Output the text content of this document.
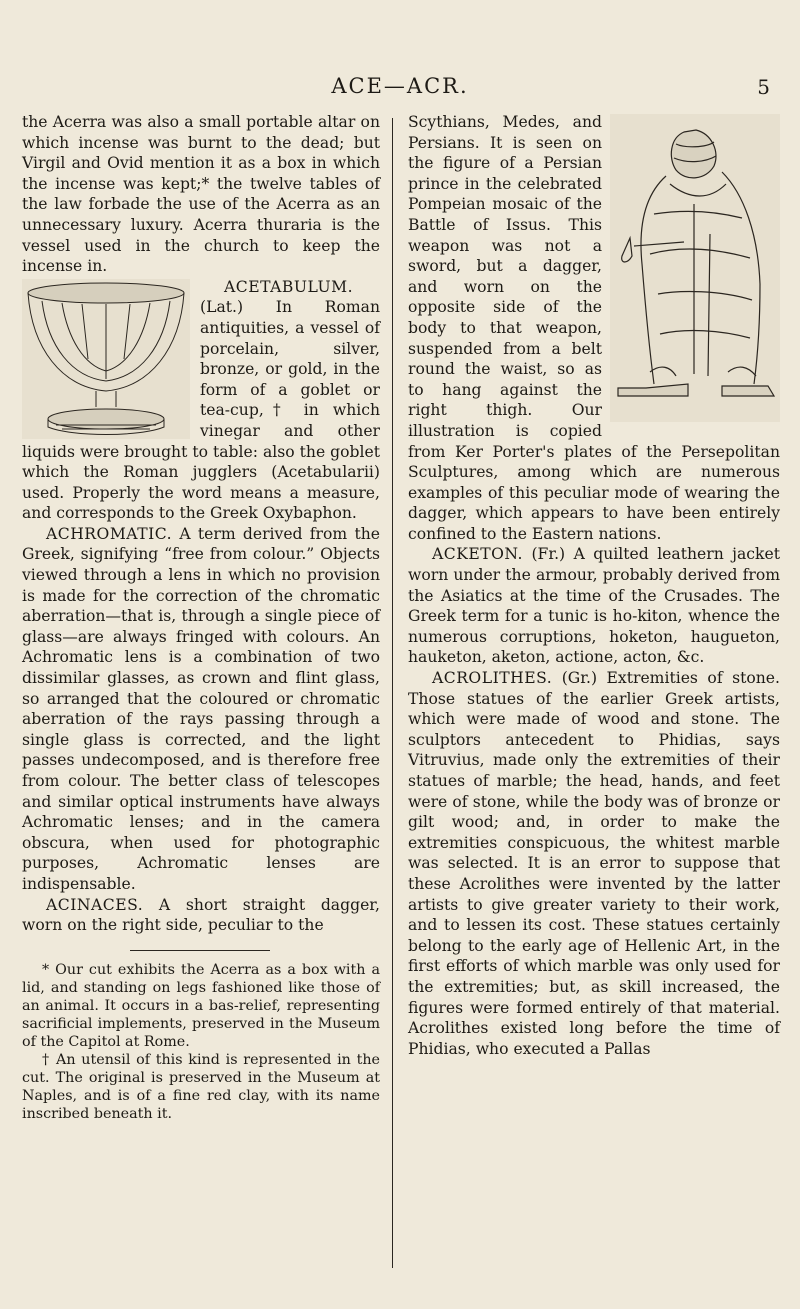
ACE—ACR.	5

the Acerra was also a small portable altar on which incense was burnt to the dead; but Virgil and Ovid mention it as a box in which the incense was kept;* the twelve tables of the law forbade the use of the Acerra as an unnecessary luxury. Acerra thuraria is the vessel used in the church to keep the incense in.

ACETABULUM. (Lat.) In Roman antiquities, a vessel of porcelain, silver, bronze, or gold, in the form of a goblet or tea-cup,† in which vinegar and other liquids were brought to table: also the goblet which the Roman jugglers (Acetabularii) used. Properly the word means a measure, and corresponds to the Greek Oxybaphon.

ACHROMATIC. A term derived from the Greek, signifying “free from colour.” Objects viewed through a lens in which no provision is made for the correction of the chromatic aberration—that is, through a single piece of glass—are always fringed with colours. An Achromatic lens is a combination of two dissimilar glasses, as crown and flint glass, so arranged that the coloured or chromatic aberration of the rays passing through a single glass is corrected, and the light passes undecomposed, and is therefore free from colour. The better class of telescopes and similar optical instruments have always Achromatic lenses; and in the camera obscura, when used for photographic purposes, Achromatic lenses are indispensable.

ACINACES. A short straight dagger, worn on the right side, peculiar to the

* Our cut exhibits the Acerra as a box with a lid, and standing on legs fashioned like those of an animal. It occurs in a bas-relief, representing sacrificial implements, preserved in the Museum of the Capitol at Rome.

† An utensil of this kind is represented in the cut. The original is preserved in the Museum at Naples, and is of a fine red clay, with its name inscribed beneath it.

Scythians, Medes, and Persians. It is seen on the figure of a Persian prince in the celebrated Pompeian mosaic of the Battle of Issus. This weapon was not a sword, but a dagger, and worn on the opposite side of the body to that weapon, suspended from a belt round the waist, so as to hang against the right thigh. Our illustration is copied from Ker Porter's plates of the Persepolitan Sculptures, among which are numerous examples of this peculiar mode of wearing the dagger, which appears to have been entirely confined to the Eastern nations.

ACKETON. (Fr.) A quilted leathern jacket worn under the armour, probably derived from the Asiatics at the time of the Crusades. The Greek term for a tunic is ho-kiton, whence the numerous corruptions, hoketon, haugueton, hauketon, aketon, actione, acton, &c.

ACROLITHES. (Gr.) Extremities of stone. Those statues of the earlier Greek artists, which were made of wood and stone. The sculptors antecedent to Phidias, says Vitruvius, made only the extremities of their statues of marble; the head, hands, and feet were of stone, while the body was of bronze or gilt wood; and, in order to make the extremities conspicuous, the whitest marble was selected. It is an error to suppose that these Acrolithes were invented by the latter artists to give greater variety to their work, and to lessen its cost. These statues certainly belong to the early age of Hellenic Art, in the first efforts of which marble was only used for the extremities; but, as skill increased, the figures were formed entirely of that material. Acrolithes existed long before the time of Phidias, who executed a Pallas
